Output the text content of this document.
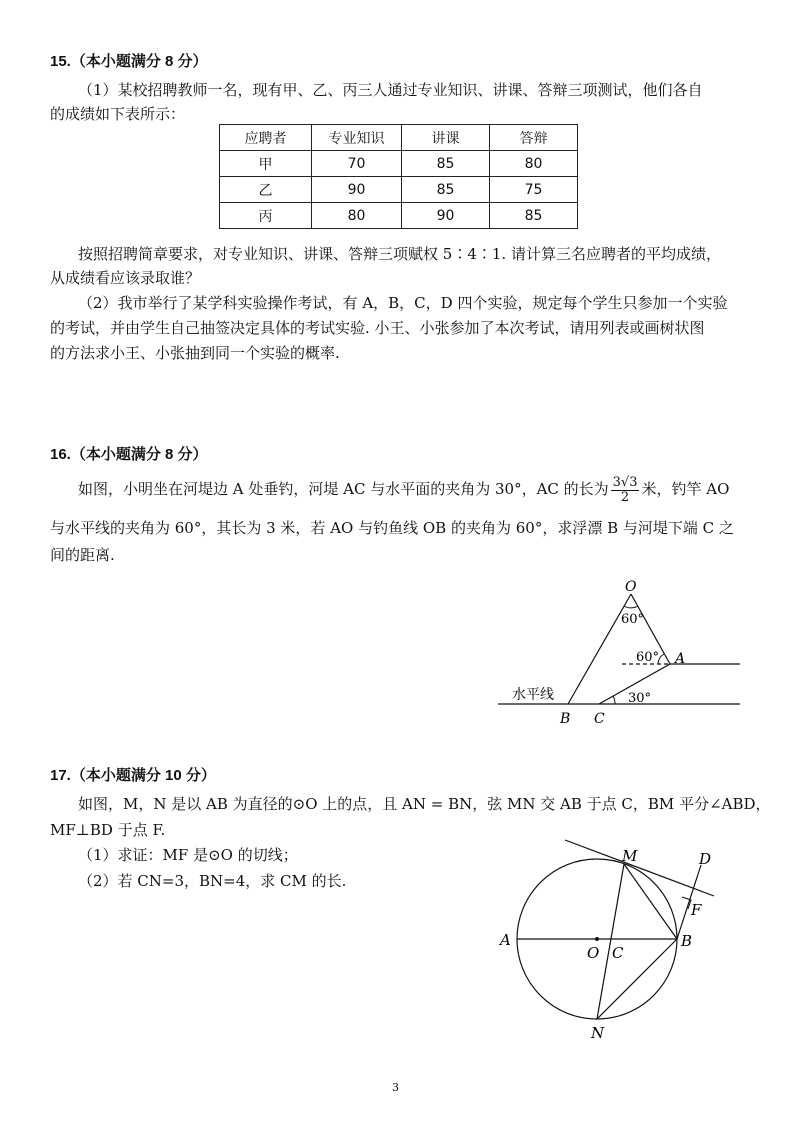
15.（本小题满分 8 分）
（1）某校招聘教师一名，现有甲、乙、丙三人通过专业知识、讲课、答辩三项测试，他们各自
的成绩如下表所示：
应聘者	专业知识	讲课	答辩
甲	70	85	80
乙	90	85	75
丙	80	90	85
按照招聘简章要求，对专业知识、讲课、答辩三项赋权 5∶4∶1. 请计算三名应聘者的平均成绩，
从成绩看应该录取谁？
（2）我市举行了某学科实验操作考试，有 A，B，C，D 四个实验，规定每个学生只参加一个实验
的考试，并由学生自己抽签决定具体的考试实验. 小王、小张参加了本次考试，请用列表或画树状图
的方法求小王、小张抽到同一个实验的概率.
16.（本小题满分 8 分）
如图，小明坐在河堤边 A 处垂钓，河堤 AC 与水平面的夹角为 30°，AC 的长为 $\frac{3√3}{2}$ 米，钓竿 AO
与水平线的夹角为 60°，其长为 3 米，若 AO 与钓鱼线 OB 的夹角为 60°，求浮漂 B 与河堤下端 C 之
间的距离.
O
60°
60° A
30°
水平线
B C
17.（本小题满分 10 分）
如图，M，N 是以 AB 为直径的⊙O 上的点，且 AN = BN，弦 MN 交 AB 于点 C，BM 平分∠ABD，
MF⊥BD 于点 F.
（1）求证：MF 是⊙O 的切线；
（2）若 CN=3，BN=4，求 CM 的长.
A	B
O C
M
N
D
F
3
